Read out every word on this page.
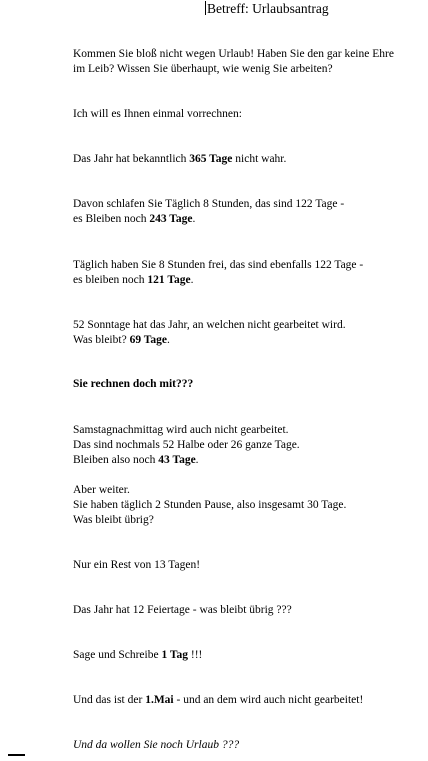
Betreff: Urlaubsantrag
Kommen Sie bloß nicht wegen Urlaub! Haben Sie den gar keine Ehre
im Leib? Wissen Sie überhaupt, wie wenig Sie arbeiten?
Ich will es Ihnen einmal vorrechnen:
Das Jahr hat bekanntlich 365 Tage nicht wahr.
Davon schlafen Sie Täglich 8 Stunden, das sind 122 Tage -
es Bleiben noch 243 Tage.
Täglich haben Sie 8 Stunden frei, das sind ebenfalls 122 Tage -
es bleiben noch 121 Tage.
52 Sonntage hat das Jahr, an welchen nicht gearbeitet wird.
Was bleibt? 69 Tage.
Sie rechnen doch mit???
Samstagnachmittag wird auch nicht gearbeitet.
Das sind nochmals 52 Halbe oder 26 ganze Tage.
Bleiben also noch 43 Tage.
Aber weiter.
Sie haben täglich 2 Stunden Pause, also insgesamt 30 Tage.
Was bleibt übrig?
Nur ein Rest von 13 Tagen!
Das Jahr hat 12 Feiertage - was bleibt übrig ???
Sage und Schreibe 1 Tag !!!
Und das ist der 1.Mai - und an dem wird auch nicht gearbeitet!
Und da wollen Sie noch Urlaub ???
